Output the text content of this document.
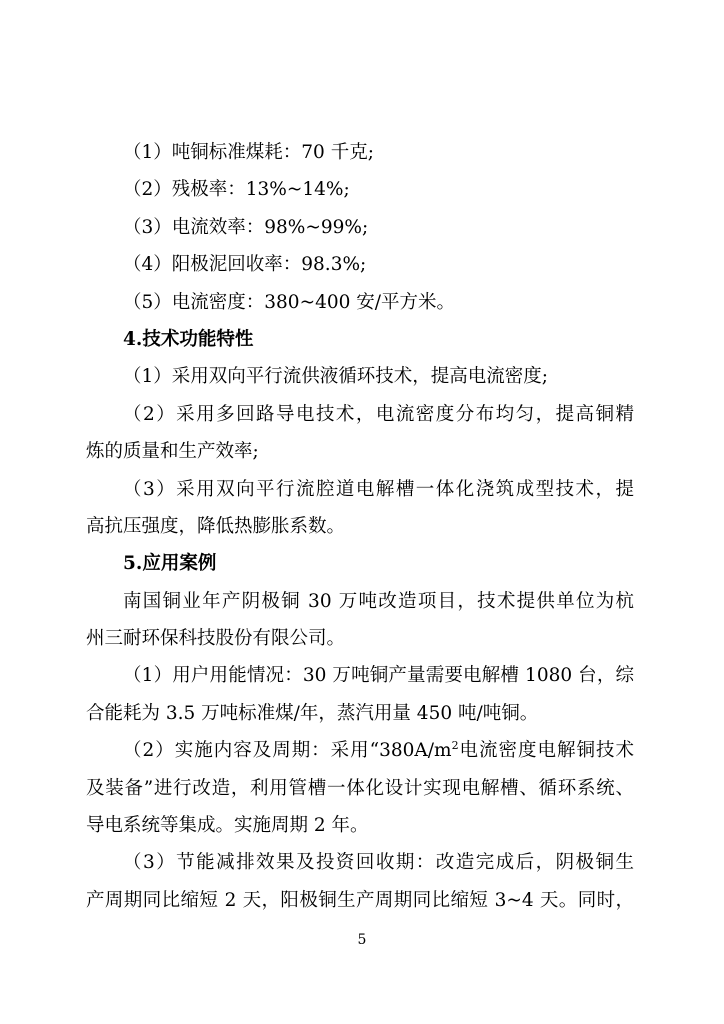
（1）吨铜标准煤耗：70 千克;
（2）残极率：13%~14%;
（3）电流效率：98%~99%;
（4）阳极泥回收率：98.3%;
（5）电流密度：380~400 安/平方米。
4.技术功能特性
（1）采用双向平行流供液循环技术，提高电流密度;
（2）采用多回路导电技术，电流密度分布均匀，提高铜精
炼的质量和生产效率;
（3）采用双向平行流腔道电解槽一体化浇筑成型技术，提
高抗压强度，降低热膨胀系数。
5.应用案例
南国铜业年产阴极铜 30 万吨改造项目，技术提供单位为杭
州三耐环保科技股份有限公司。
（1）用户用能情况：30 万吨铜产量需要电解槽 1080 台，综
合能耗为 3.5 万吨标准煤/年，蒸汽用量 450 吨/吨铜。
（2）实施内容及周期：采用“$380A/m^2$电流密度电解铜技术
及装备”进行改造，利用管槽一体化设计实现电解槽、循环系统、
导电系统等集成。实施周期 2 年。
（3）节能减排效果及投资回收期：改造完成后，阴极铜生
产周期同比缩短 2 天，阳极铜生产周期同比缩短 3~4 天。同时，
5
